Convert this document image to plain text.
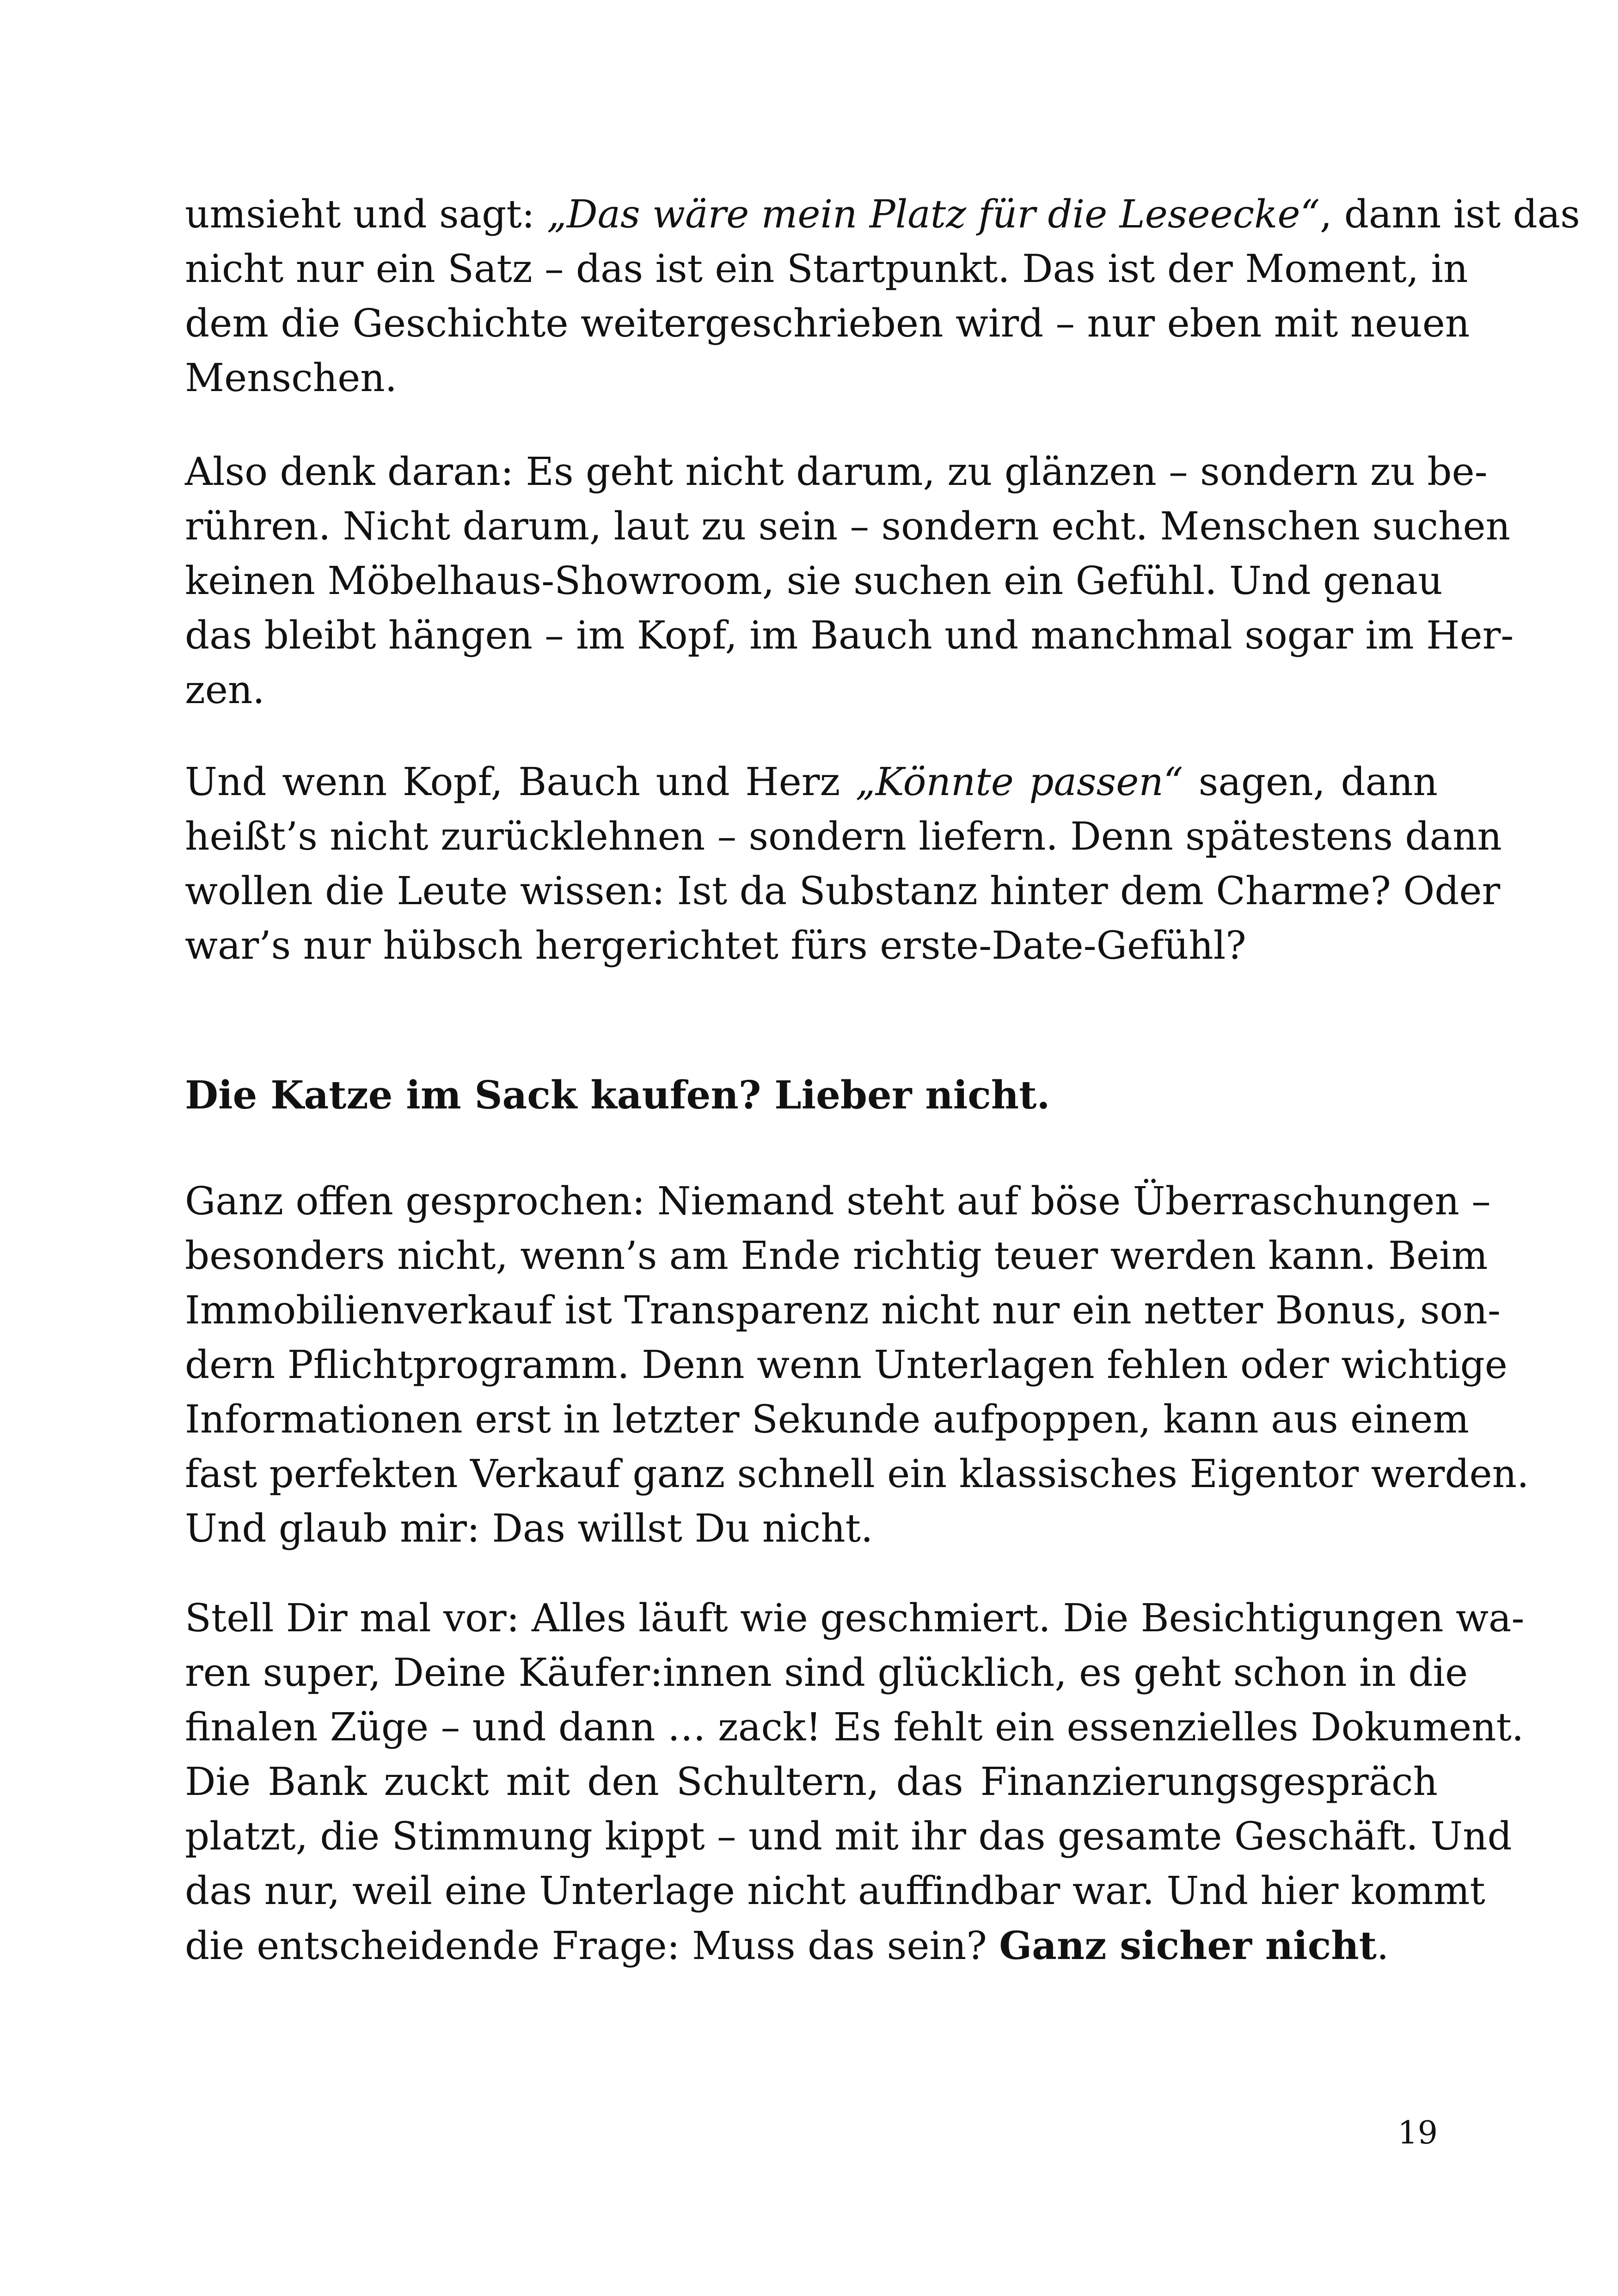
umsieht und sagt: „Das wäre mein Platz für die Leseecke“, dann ist das
nicht nur ein Satz – das ist ein Startpunkt. Das ist der Moment, in
dem die Geschichte weitergeschrieben wird – nur eben mit neuen
Menschen.

Also denk daran: Es geht nicht darum, zu glänzen – sondern zu be-
rühren. Nicht darum, laut zu sein – sondern echt. Menschen suchen
keinen Möbelhaus-Showroom, sie suchen ein Gefühl. Und genau
das bleibt hängen – im Kopf, im Bauch und manchmal sogar im Her-
zen.

Und wenn Kopf, Bauch und Herz „Könnte passen“ sagen, dann
heißt’s nicht zurücklehnen – sondern liefern. Denn spätestens dann
wollen die Leute wissen: Ist da Substanz hinter dem Charme? Oder
war’s nur hübsch hergerichtet fürs erste-Date-Gefühl?

Die Katze im Sack kaufen? Lieber nicht.

Ganz offen gesprochen: Niemand steht auf böse Überraschungen –
besonders nicht, wenn’s am Ende richtig teuer werden kann. Beim
Immobilienverkauf ist Transparenz nicht nur ein netter Bonus, son-
dern Pflichtprogramm. Denn wenn Unterlagen fehlen oder wichtige
Informationen erst in letzter Sekunde aufpoppen, kann aus einem
fast perfekten Verkauf ganz schnell ein klassisches Eigentor werden.
Und glaub mir: Das willst Du nicht.

Stell Dir mal vor: Alles läuft wie geschmiert. Die Besichtigungen wa-
ren super, Deine Käufer:innen sind glücklich, es geht schon in die
finalen Züge – und dann … zack! Es fehlt ein essenzielles Dokument.
Die Bank zuckt mit den Schultern, das Finanzierungsgespräch
platzt, die Stimmung kippt – und mit ihr das gesamte Geschäft. Und
das nur, weil eine Unterlage nicht auffindbar war. Und hier kommt
die entscheidende Frage: Muss das sein? Ganz sicher nicht.

19
